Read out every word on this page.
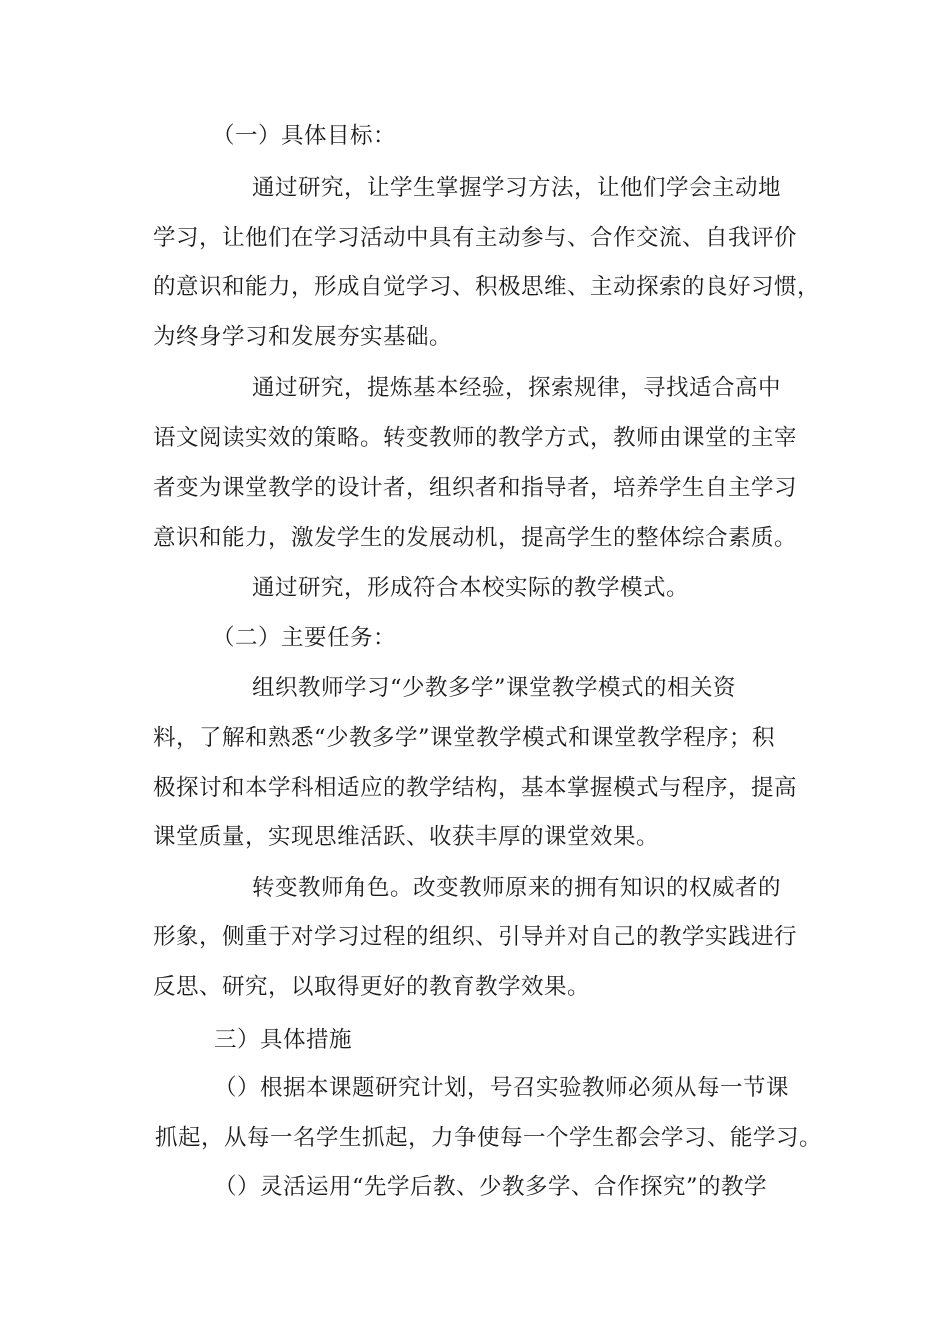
（一）具体目标：

通过研究，让学生掌握学习方法，让他们学会主动地

学习，让他们在学习活动中具有主动参与、合作交流、自我评价

的意识和能力，形成自觉学习、积极思维、主动探索的良好习惯，

为终身学习和发展夯实基础。

通过研究，提炼基本经验，探索规律，寻找适合高中

语文阅读实效的策略。转变教师的教学方式，教师由课堂的主宰

者变为课堂教学的设计者，组织者和指导者，培养学生自主学习

意识和能力，激发学生的发展动机，提高学生的整体综合素质。

通过研究，形成符合本校实际的教学模式。

（二）主要任务：

组织教师学习“少教多学”课堂教学模式的相关资

料，了解和熟悉“少教多学”课堂教学模式和课堂教学程序；积

极探讨和本学科相适应的教学结构，基本掌握模式与程序，提高

课堂质量，实现思维活跃、收获丰厚的课堂效果。

转变教师角色。改变教师原来的拥有知识的权威者的

形象，侧重于对学习过程的组织、引导并对自己的教学实践进行

反思、研究，以取得更好的教育教学效果。

三）具体措施

（）根据本课题研究计划，号召实验教师必须从每一节课

抓起，从每一名学生抓起，力争使每一个学生都会学习、能学习。

（）灵活运用“先学后教、少教多学、合作探究”的教学
